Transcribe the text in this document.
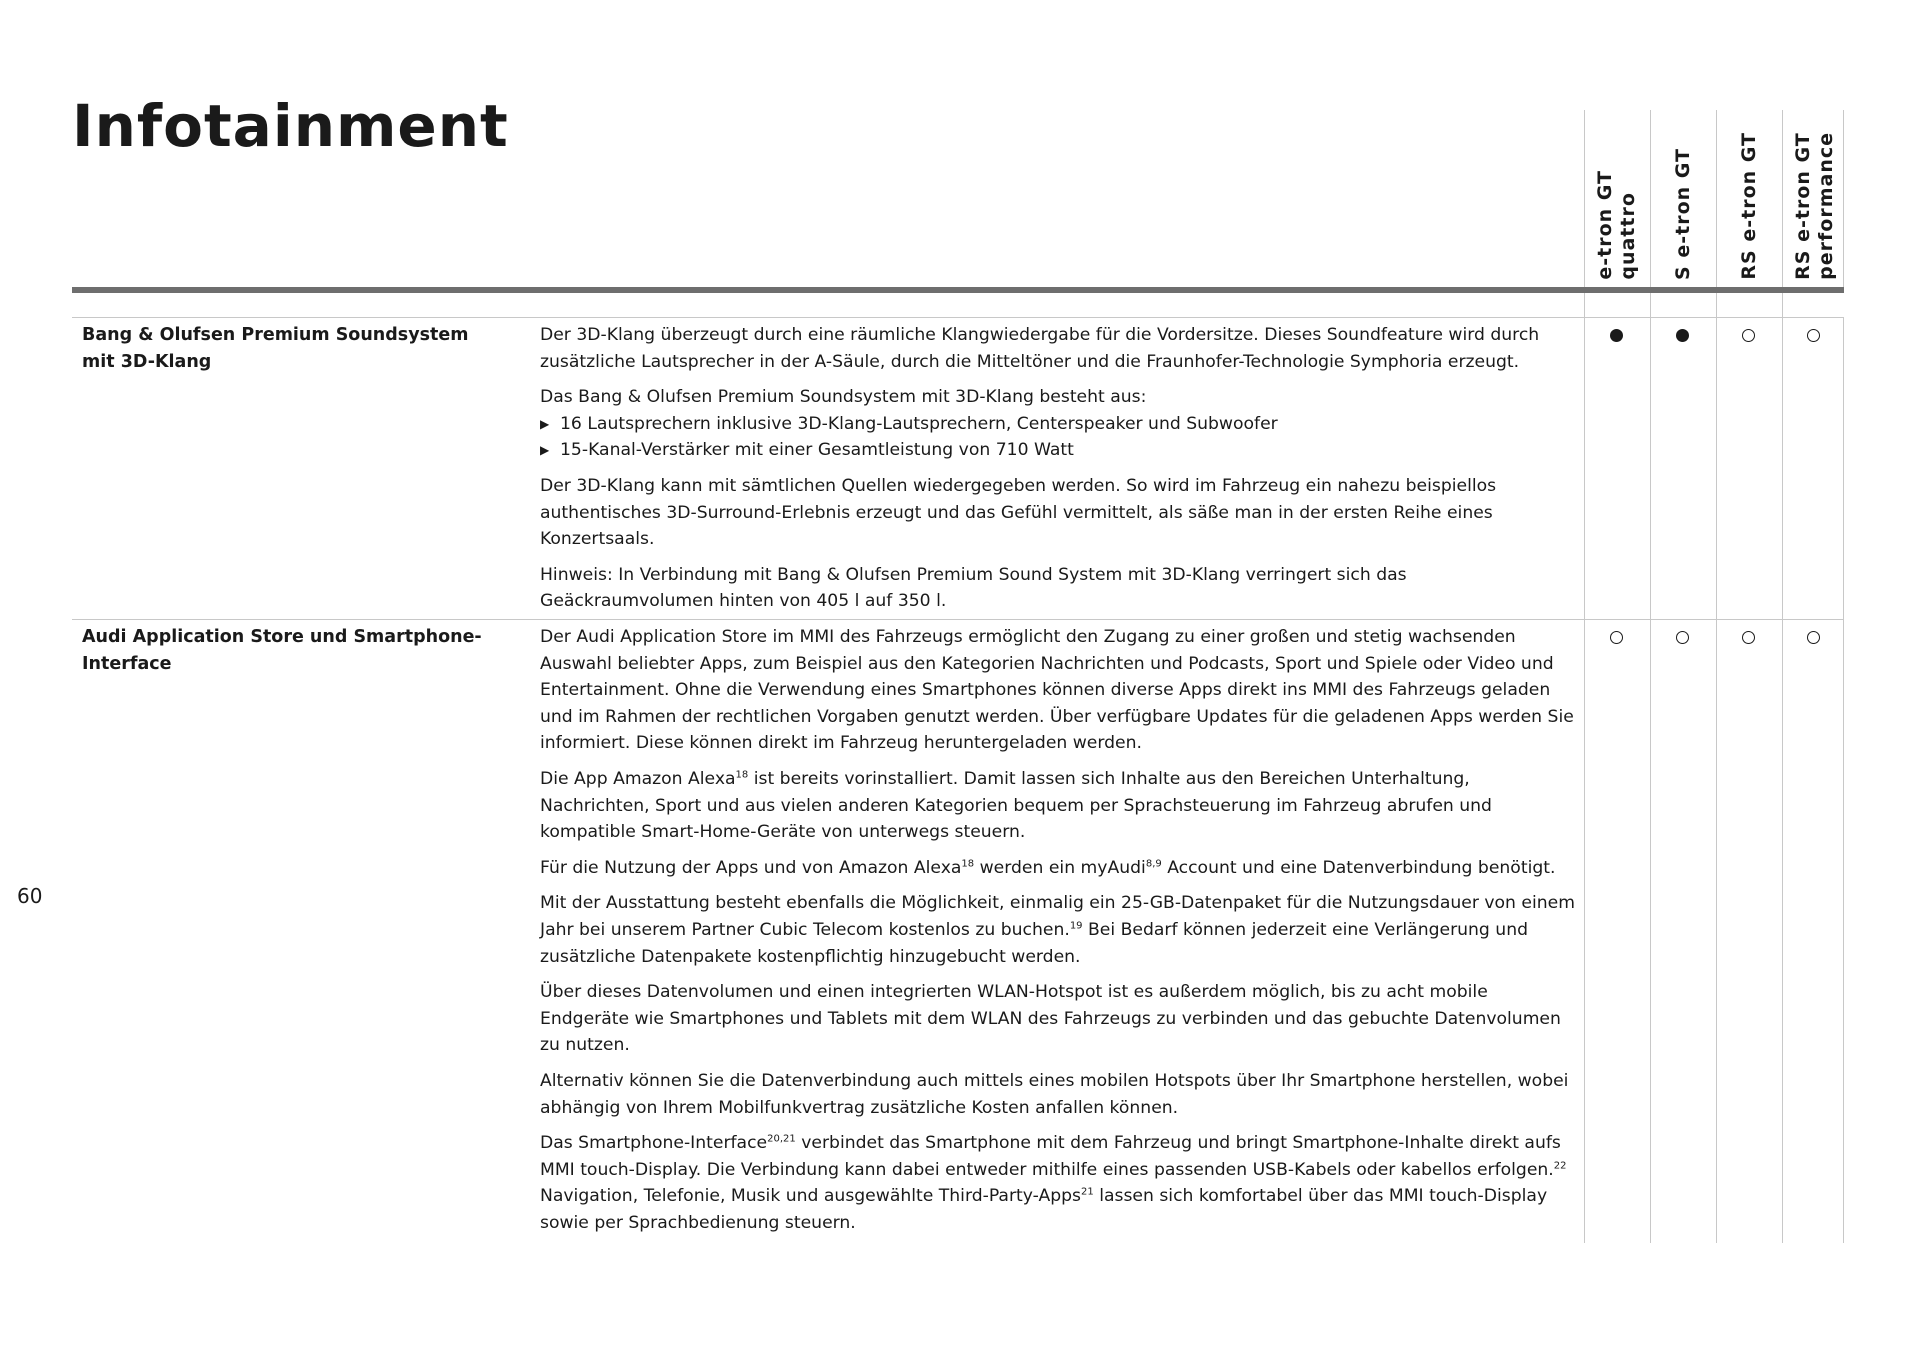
Infotainment
e-tron GT
quattro S e-tron GT RS e-tron GT RS e-tron GT
performance
Bang & Olufsen Premium Soundsystem mit 3D-Klang

Der 3D-Klang überzeugt durch eine räumliche Klangwiedergabe für die Vordersitze. Dieses Soundfeature wird durch zusätzliche Lautsprecher in der A-Säule, durch die Mitteltöner und die Fraunhofer-Technologie Symphoria erzeugt.

Das Bang & Olufsen Premium Soundsystem mit 3D-Klang besteht aus:

▶ 16 Lautsprechern inklusive 3D-Klang-Lautsprechern, Centerspeaker und Subwoofer
▶ 15-Kanal-Verstärker mit einer Gesamtleistung von 710 Watt

Der 3D-Klang kann mit sämtlichen Quellen wiedergegeben werden. So wird im Fahrzeug ein nahezu beispiellos authentisches 3D-Surround-Erlebnis erzeugt und das Gefühl vermittelt, als säße man in der ersten Reihe eines Konzertsaals.

Hinweis: In Verbindung mit Bang & Olufsen Premium Sound System mit 3D-Klang verringert sich das Geäckraumvolumen hinten von 405 l auf 350 l.

Audi Application Store und Smartphone-Interface

Der Audi Application Store im MMI des Fahrzeugs ermöglicht den Zugang zu einer großen und stetig wachsenden Auswahl beliebter Apps, zum Beispiel aus den Kategorien Nachrichten und Podcasts, Sport und Spiele oder Video und Entertainment. Ohne die Verwendung eines Smartphones können diverse Apps direkt ins MMI des Fahrzeugs geladen und im Rahmen der rechtlichen Vorgaben genutzt werden. Über verfügbare Updates für die geladenen Apps werden Sie informiert. Diese können direkt im Fahrzeug heruntergeladen werden.

Die App Amazon Alexa$^{18}$ ist bereits vorinstalliert. Damit lassen sich Inhalte aus den Bereichen Unterhaltung, Nachrichten, Sport und aus vielen anderen Kategorien bequem per Sprachsteuerung im Fahrzeug abrufen und kompatible Smart-Home-Geräte von unterwegs steuern.

Für die Nutzung der Apps und von Amazon Alexa$^{18}$ werden ein myAudi$^{8,9}$ Account und eine Datenverbindung benötigt.

Mit der Ausstattung besteht ebenfalls die Möglichkeit, einmalig ein 25-GB-Datenpaket für die Nutzungsdauer von einem Jahr bei unserem Partner Cubic Telecom kostenlos zu buchen.$^{19}$ Bei Bedarf können jederzeit eine Verlängerung und zusätzliche Datenpakete kostenpflichtig hinzugebucht werden.

Über dieses Datenvolumen und einen integrierten WLAN-Hotspot ist es außerdem möglich, bis zu acht mobile Endgeräte wie Smartphones und Tablets mit dem WLAN des Fahrzeugs zu verbinden und das gebuchte Datenvolumen zu nutzen.

Alternativ können Sie die Datenverbindung auch mittels eines mobilen Hotspots über Ihr Smartphone herstellen, wobei abhängig von Ihrem Mobilfunkvertrag zusätzliche Kosten anfallen können.

Das Smartphone-Interface$^{20,21}$ verbindet das Smartphone mit dem Fahrzeug und bringt Smartphone-Inhalte direkt aufs MMI touch-Display. Die Verbindung kann dabei entweder mithilfe eines passenden USB-Kabels oder kabellos erfolgen.$^{22}$ Navigation, Telefonie, Musik und ausgewählte Third-Party-Apps$^{21}$ lassen sich komfortabel über das MMI touch-Display sowie per Sprachbedienung steuern.

60
